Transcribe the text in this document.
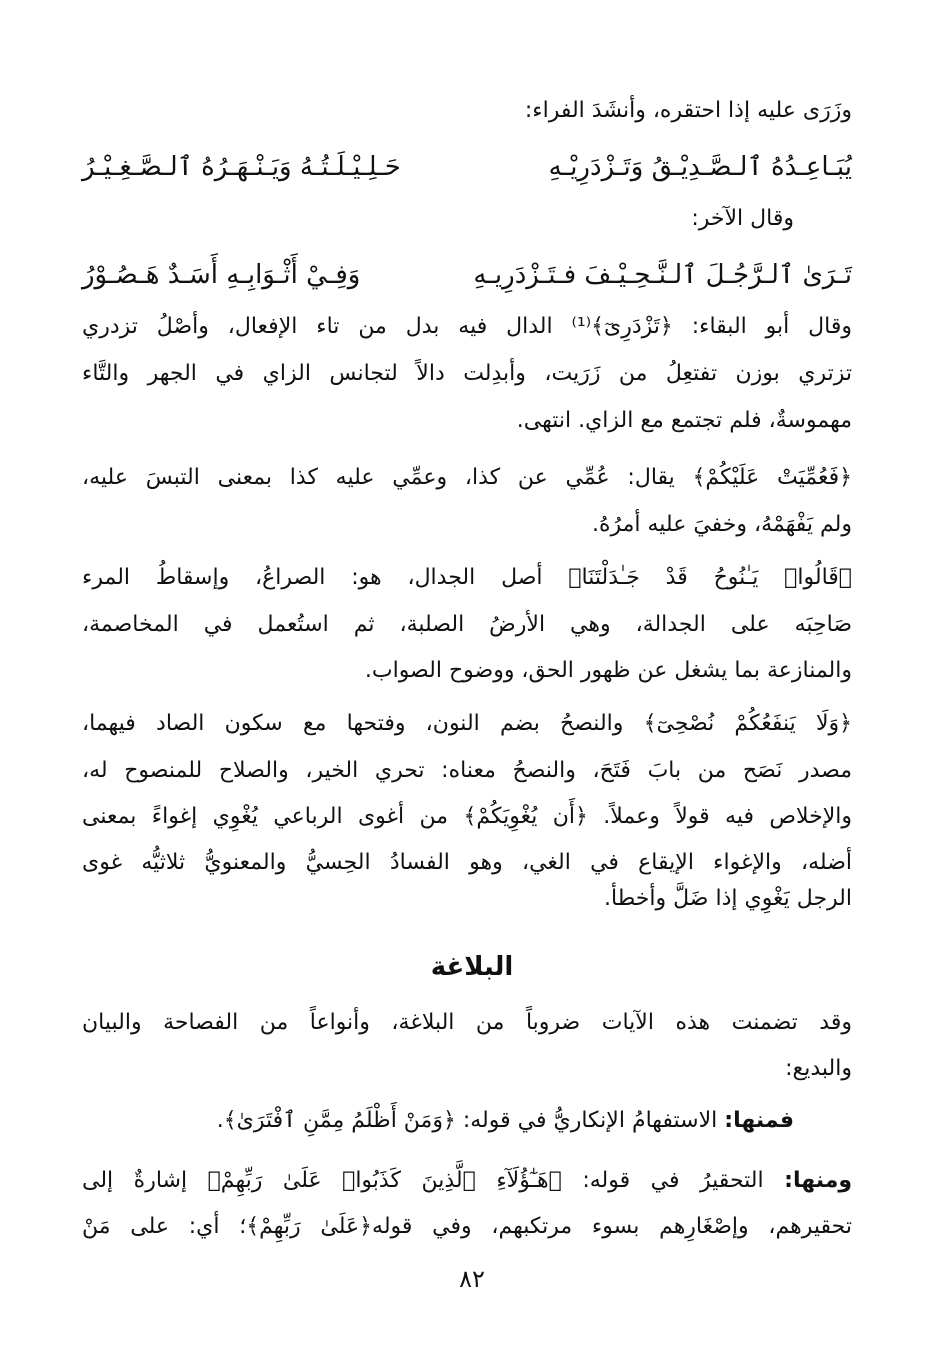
وزَرَى عليه إذا احتقره، وأنشَدَ الفراء:
يُبَـاعِـدُهُ ٱلـصَّـدِيْـقُ وَتَـزْدَرِيْـهِ
حَـلِـيْـلَـتُـهُ وَيَـنْـهَـرُهُ ٱلـصَّـغِـيْـرُ
وقال الآخر:
تَـرَىٰ ٱلـرَّجُـلَ ٱلـنَّـحِـيْـفَ فـتَـزْدَرِيـهِ
وَفِـيْ أَثْـوَابِـهِ أَسَـدٌ هَـصُـوْرُ
وقال أبو البقاء: ﴿تَزْدَرِىٓ﴾⁽¹⁾ الدال فيه بدل من تاء الإفعال، وأصْلُ تزدري
تزتري بوزن تفتعِلُ من زَرَيت، وأبدِلت دالاً لتجانس الزاي في الجهر والتَّاء
مهموسةٌ، فلم تجتمع مع الزاي. انتهى.
﴿فَعُمِّيَتْ عَلَيْكُمْ﴾ يقال: عُمِّي عن كذا، وعمِّي عليه كذا بمعنى التبسَ عليه،
ولم يَفْهَمْهُ، وخفيَ عليه أمرُهُ.
﴿قَالُوا۟ يَـٰنُوحُ قَدْ جَـٰدَلْتَنَا﴾ أصل الجدال، هو: الصراعُ، وإسقاطُ المرء
صَاحِبَه على الجدالة، وهي الأرضُ الصلبة، ثم استُعمل في المخاصمة،
والمنازعة بما يشغل عن ظهور الحق، ووضوح الصواب.
﴿وَلَا يَنفَعُكُمْ نُصْحِىٓ﴾ والنصحُ بضم النون، وفتحها مع سكون الصاد فيهما،
مصدر نَصَح من بابَ فَتَحَ، والنصحُ معناه: تحري الخير، والصلاح للمنصوح له،
والإخلاص فيه قولاً وعملاً. ﴿أَن يُغْوِيَكُمْ﴾ من أغوى الرباعي يُغْوِي إغواءً بمعنى
أضله، والإغواء الإيقاع في الغي، وهو الفسادُ الحِسيُّ والمعنويُّ ثلاثيُّه غوى
الرجل يَغْوِي إذا ضَلَّ وأخطأ.
البلاغة
وقد تضمنت هذه الآيات ضروباً من البلاغة، وأنواعاً من الفصاحة والبيان
والبديع:
فمنها: الاستفهامُ الإنكاريُّ في قوله: ﴿وَمَنْ أَظْلَمُ مِمَّنِ ٱفْتَرَىٰ﴾.
ومنها: التحقيرُ في قوله: ﴿هَـٰٓؤُلَآءِ ٱلَّذِينَ كَذَبُوا۟ عَلَىٰ رَبِّهِمْ﴾ إشارةٌ إلى
تحقيرهم، وإصْغَارِهم بسوء مرتكبهم، وفي قوله﴿عَلَىٰ رَبِّهِمْ﴾؛ أي: على مَنْ
٨٢
